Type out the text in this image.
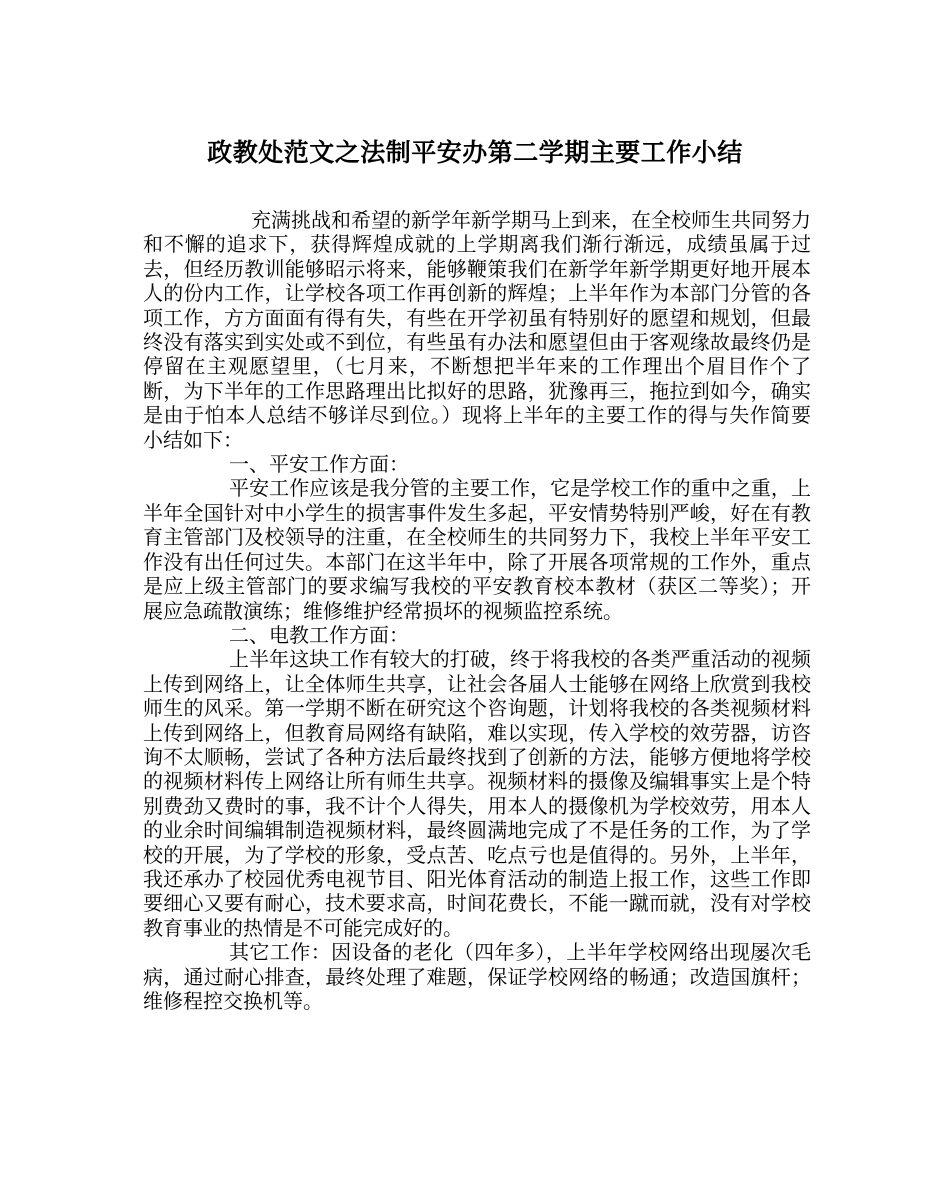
政教处范文之法制平安办第二学期主要工作小结

充满挑战和希望的新学年新学期马上到来，在全校师生共同努力和不懈的追求下，获得辉煌成就的上学期离我们渐行渐远，成绩虽属于过去，但经历教训能够昭示将来，能够鞭策我们在新学年新学期更好地开展本人的份内工作，让学校各项工作再创新的辉煌；上半年作为本部门分管的各项工作，方方面面有得有失，有些在开学初虽有特别好的愿望和规划，但最终没有落实到实处或不到位，有些虽有办法和愿望但由于客观缘故最终仍是停留在主观愿望里，（七月来，不断想把半年来的工作理出个眉目作个了断，为下半年的工作思路理出比拟好的思路，犹豫再三，拖拉到如今，确实是由于怕本人总结不够详尽到位。）现将上半年的主要工作的得与失作简要小结如下：

一、平安工作方面：

平安工作应该是我分管的主要工作，它是学校工作的重中之重，上半年全国针对中小学生的损害事件发生多起，平安情势特别严峻，好在有教育主管部门及校领导的注重，在全校师生的共同努力下，我校上半年平安工作没有出任何过失。本部门在这半年中，除了开展各项常规的工作外，重点是应上级主管部门的要求编写我校的平安教育校本教材（获区二等奖）；开展应急疏散演练；维修维护经常损坏的视频监控系统。

二、电教工作方面：

上半年这块工作有较大的打破，终于将我校的各类严重活动的视频上传到网络上，让全体师生共享，让社会各届人士能够在网络上欣赏到我校师生的风采。第一学期不断在研究这个咨询题，计划将我校的各类视频材料上传到网络上，但教育局网络有缺陷，难以实现，传入学校的效劳器，访咨询不太顺畅，尝试了各种方法后最终找到了创新的方法，能够方便地将学校的视频材料传上网络让所有师生共享。视频材料的摄像及编辑事实上是个特别费劲又费时的事，我不计个人得失，用本人的摄像机为学校效劳，用本人的业余时间编辑制造视频材料，最终圆满地完成了不是任务的工作，为了学校的开展，为了学校的形象，受点苦、吃点亏也是值得的。另外，上半年，我还承办了校园优秀电视节目、阳光体育活动的制造上报工作，这些工作即要细心又要有耐心，技术要求高，时间花费长，不能一蹴而就，没有对学校教育事业的热情是不可能完成好的。

其它工作：因设备的老化（四年多），上半年学校网络出现屡次毛病，通过耐心排查，最终处理了难题，保证学校网络的畅通；改造国旗杆；维修程控交换机等。
